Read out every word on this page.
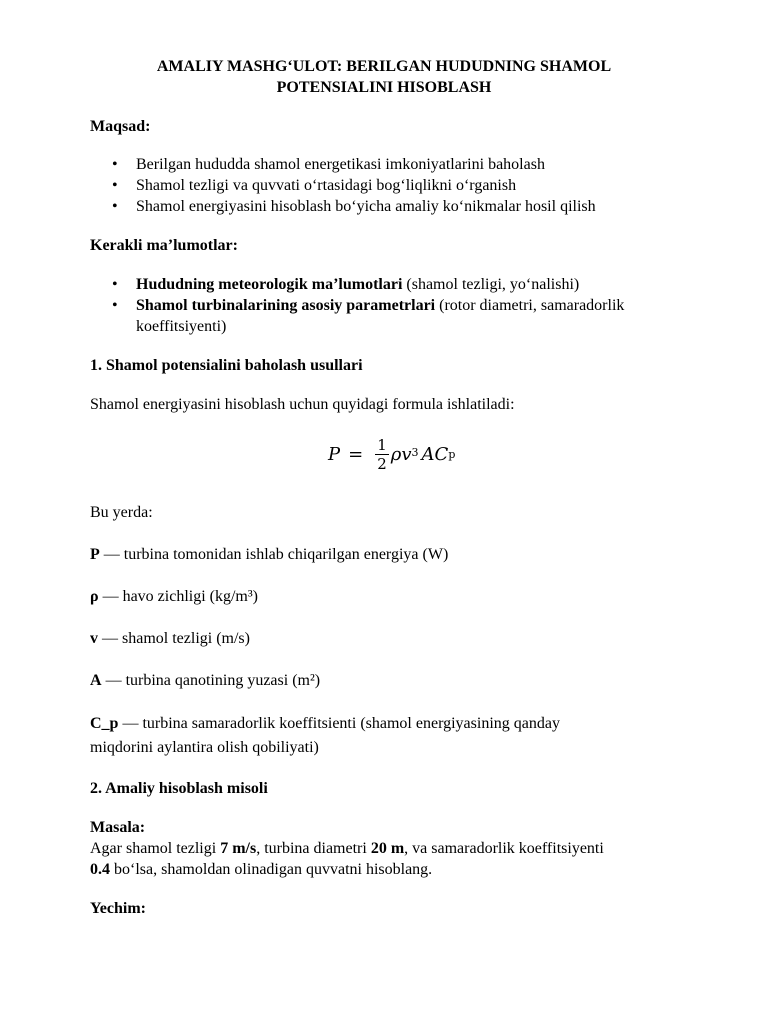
AMALIY MASHG‘ULOT: BERILGAN HUDUDNING SHAMOL
POTENSIALINI HISOBLASH
Maqsad:
• Berilgan hududda shamol energetikasi imkoniyatlarini baholash
• Shamol tezligi va quvvati o‘rtasidagi bog‘liqlikni o‘rganish
• Shamol energiyasini hisoblash bo‘yicha amaliy ko‘nikmalar hosil qilish
Kerakli ma’lumotlar:
• Hududning meteorologik ma’lumotlari (shamol tezligi, yo‘nalishi)
• Shamol turbinalarining asosiy parametrlari (rotor diametri, samaradorlik koeffitsiyenti)
1. Shamol potensialini baholash usullari
Shamol energiyasini hisoblash uchun quyidagi formula ishlatiladi:
Bu yerda:
P — turbina tomonidan ishlab chiqarilgan energiya (W)
ρ — havo zichligi (kg/m³)
v — shamol tezligi (m/s)
A — turbina qanotining yuzasi (m²)
C_p — turbina samaradorlik koeffitsienti (shamol energiyasining qanday miqdorini aylantira olish qobiliyati)
2. Amaliy hisoblash misoli
Masala:
Agar shamol tezligi 7 m/s, turbina diametri 20 m, va samaradorlik koeffitsiyenti
0.4 bo‘lsa, shamoldan olinadigan quvvatni hisoblang.
Yechim:
$P = \frac{1}{2}$ ρ $v^3$ A C p
